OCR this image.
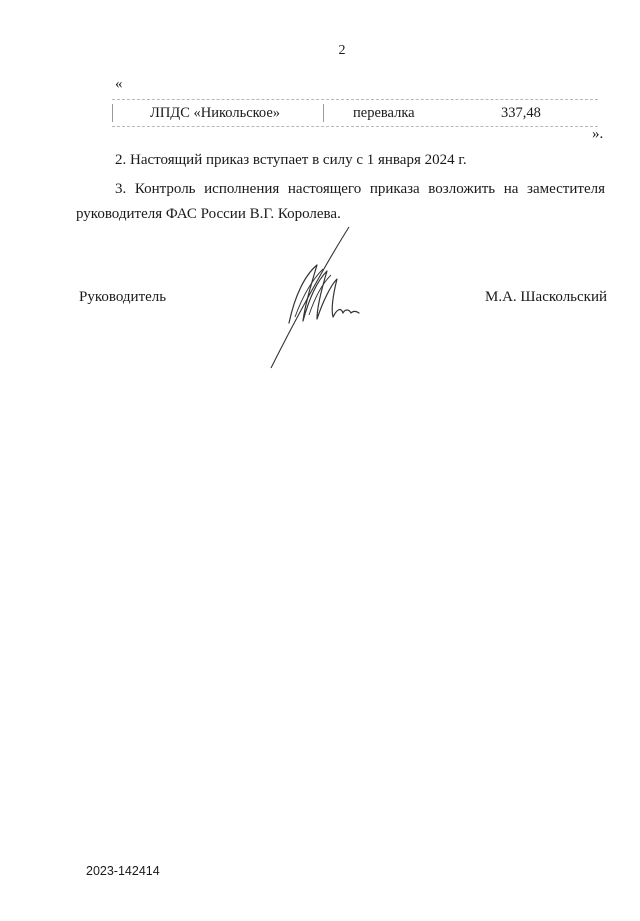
2
«
ЛПДС «Никольское»	перевалка	337,48
».
2. Настоящий приказ вступает в силу с 1 января 2024 г.
3. Контроль исполнения настоящего приказа возложить на заместителя
руководителя ФАС России В.Г. Королева.
Руководитель	М.А. Шаскольский
2023-142414
